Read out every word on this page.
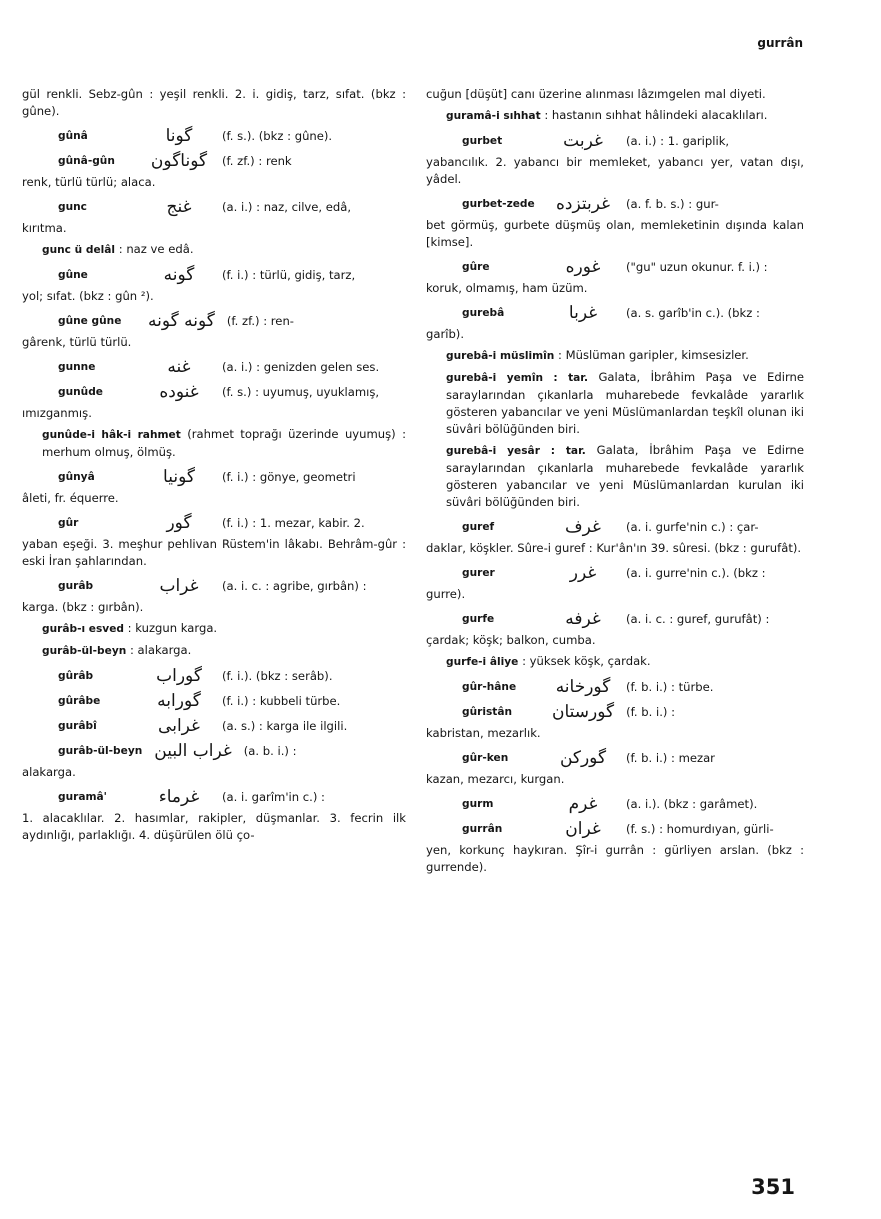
gurrân
gül renkli. Sebz-gûn : yeşil renkli. 2. i. gidiş, tarz, sıfat. (bkz : gûne).
gûnâ	گونا	(f. s.). (bkz : gûne).
gûnâ-gûn	گوناگون (f. zf.) : renk
renk, türlü türlü; alaca.
gunc	غنج	(a. i.) : naz, cilve, edâ,
kırıtma.
gunc ü delâl : naz ve edâ.
gûne	گونه	(f. i.) : türlü, gidiş, tarz,
yol; sıfat. (bkz : gûn ²).
gûne gûne	گونه گونه (f. zf.) : ren-
gârenk, türlü türlü.
gunne	غنه	(a. i.) : genizden gelen ses.
gunûde	غنوده	(f. s.) : uyumuş, uyuklamış,
ımızganmış.
gunûde-i hâk-i rahmet (rahmet toprağı üzerinde uyumuş) : merhum olmuş, ölmüş.
gûnyâ	گونیا	(f. i.) : gönye, geometri
âleti, fr. équerre.
gûr	گور	(f. i.) : 1. mezar, kabir. 2.
yaban eşeği. 3. meşhur pehlivan Rüstem'in lâkabı. Behrâm-gûr : eski İran şahlarından.
gurâb	غراب	(a. i. c. : agribe, gırbân) :
karga. (bkz : gırbân).
gurâb-ı esved : kuzgun karga.
gurâb-ül-beyn : alakarga.
gûrâb	گوراب	(f. i.). (bkz : serâb).
gûrâbe	گورابه	(f. i.) : kubbeli türbe.
gurâbî	غرابی	(a. s.) : karga ile ilgili.
gurâb-ül-beyn غراب البين (a. b. i.) :
alakarga.
guramâ'	غرماء	(a. i. garîm'in c.) :
1. alacaklılar. 2. hasımlar, rakipler, düşmanlar. 3. fecrin ilk aydınlığı, parlaklığı. 4. düşürülen ölü ço-
cuğun [düşüt] canı üzerine alınması lâzımgelen mal diyeti.
guramâ-i sıhhat : hastanın sıhhat hâlindeki alacaklıları.
gurbet	غربت	(a. i.) : 1. gariplik,
yabancılık. 2. yabancı bir memleket, yabancı yer, vatan dışı, yâdel.
gurbet-zede	غربتزده	(a. f. b. s.) : gur-
bet görmüş, gurbete düşmüş olan, memleketinin dışında kalan [kimse].
gûre	غوره	("gu" uzun okunur. f. i.) :
koruk, olmamış, ham üzüm.
gurebâ	غربا	(a. s. garîb'in c.). (bkz :
garîb).
gurebâ-i müslimîn : Müslüman garipler, kimsesizler.
gurebâ-i yemîn : tar. Galata, İbrâhim Paşa ve Edirne saraylarından çıkanlarla muharebede fevkalâde yararlık gösteren yabancılar ve yeni Müslümanlardan teşkîl olunan iki süvâri bölüğünden biri.
gurebâ-i yesâr : tar. Galata, İbrâhim Paşa ve Edirne saraylarından çıkanlarla muharebede fevkalâde yararlık gösteren yabancılar ve yeni Müslümanlardan kurulan iki süvâri bölüğünden biri.
guref	غرف	(a. i. gurfe'nin c.) : çar-
daklar, köşkler. Sûre-i guref : Kur'ân'ın 39. sûresi. (bkz : gurufât).
gurer	غرر	(a. i. gurre'nin c.). (bkz :
gurre).
gurfe	غرفه	(a. i. c. : guref, gurufât) :
çardak; köşk; balkon, cumba.
gurfe-i âliye : yüksek köşk, çardak.
gûr-hâne	گورخانه	(f. b. i.) : türbe.
gûristân	گورستان (f. b. i.) :
kabristan, mezarlık.
gûr-ken	گورکن	(f. b. i.) : mezar
kazan, mezarcı, kurgan.
gurm	غرم	(a. i.). (bkz : garâmet).
gurrân	غران	(f. s.) : homurdıyan, gürli-
yen, korkunç haykıran. Şîr-i gurrân : gürliyen arslan. (bkz : gurrende).
351
